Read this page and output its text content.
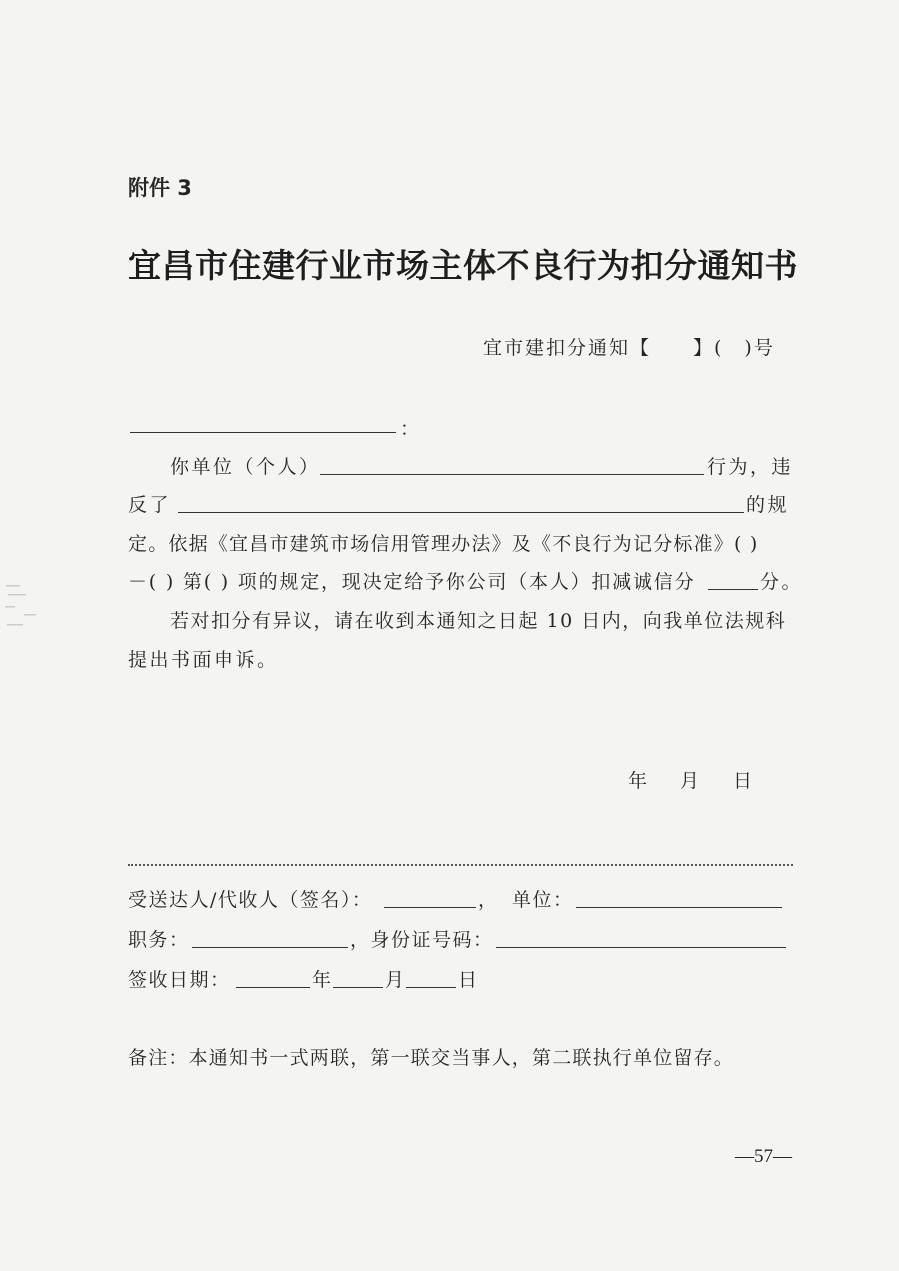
附件 3
宜昌市住建行业市场主体不良行为扣分通知书
宜市建扣分通知【　　】(　)号
：
你单位（个人）	行为，违
反了	的规
定。依据《宜昌市建筑市场信用管理办法》及《不良行为记分标准》( )
－( ) 第( ) 项的规定，现决定给予你公司（本人）扣减诚信分	分。
若对扣分有异议，请在收到本通知之日起 10 日内，向我单位法规科
提出书面申诉。
年 月 日
受送达人/代收人（签名）：	， 单位：
职务：	，身份证号码：
签收日期：	年	月	日
备注：本通知书一式两联，第一联交当事人，第二联执行单位留存。
—57—
